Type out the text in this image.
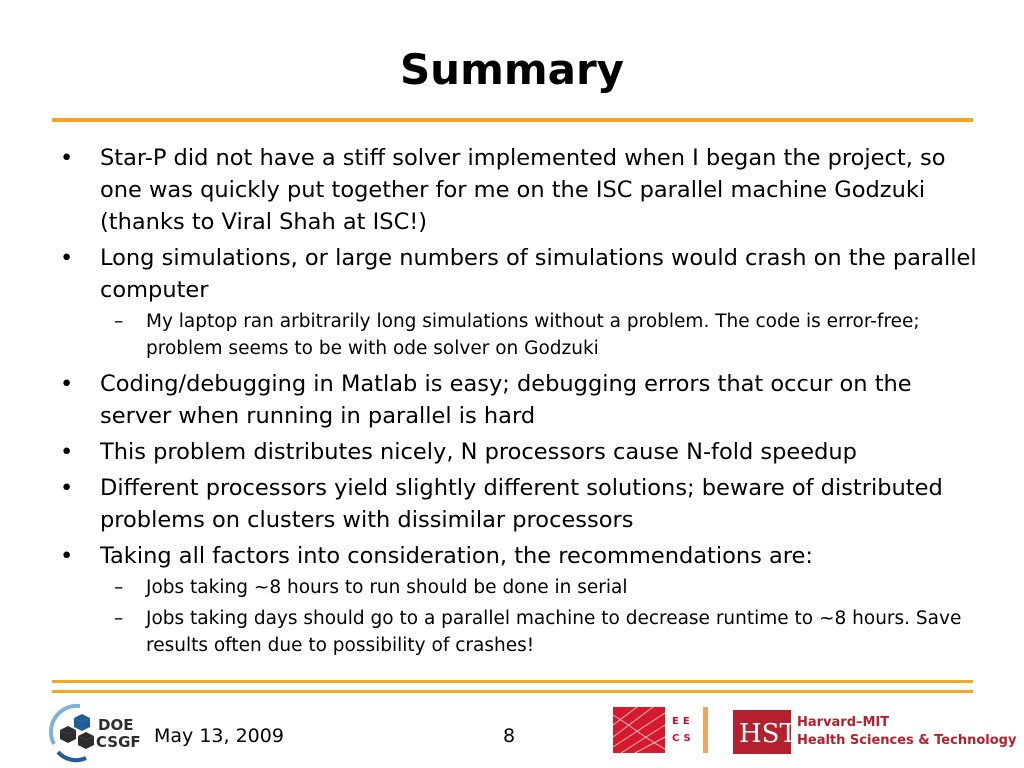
Summary
•	Star-P did not have a stiff solver implemented when I began the project, so one was quickly put together for me on the ISC parallel machine Godzuki (thanks to Viral Shah at ISC!)
•	Long simulations, or large numbers of simulations would crash on the parallel computer
– My laptop ran arbitrarily long simulations without a problem. The code is error-free; problem seems to be with ode solver on Godzuki
•	Coding/debugging in Matlab is easy; debugging errors that occur on the server when running in parallel is hard
•	This problem distributes nicely, N processors cause N-fold speedup
•	Different processors yield slightly different solutions; beware of distributed problems on clusters with dissimilar processors
•	Taking all factors into consideration, the recommendations are:
– Jobs taking ~8 hours to run should be done in serial
– Jobs taking days should go to a parallel machine to decrease runtime to ~8 hours. Save results often due to possibility of crashes!
DOE
CSGF May 13, 2009	8
EE
CS HST Harvard–MIT
Health Sciences & Technology
